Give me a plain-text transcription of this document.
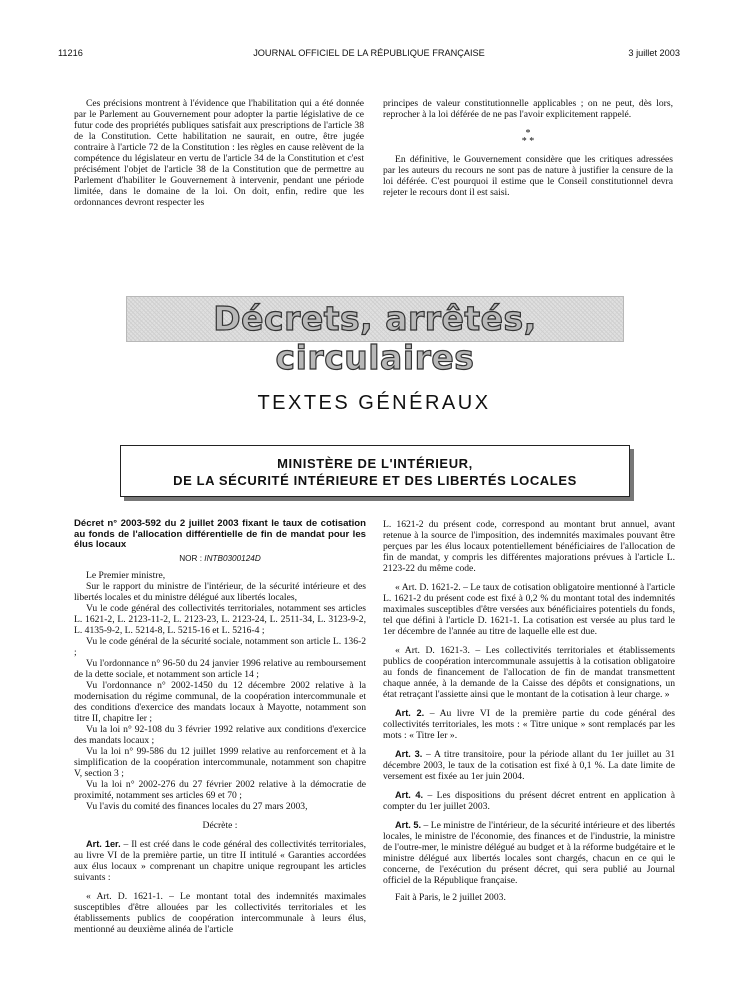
11216	JOURNAL OFFICIEL DE LA RÉPUBLIQUE FRANÇAISE	3 juillet 2003

Ces précisions montrent à l'évidence que l'habilitation qui a été donnée par le Parlement au Gouvernement pour adopter la partie législative de ce futur code des propriétés publiques satisfait aux prescriptions de l'article 38 de la Constitution. Cette habilitation ne saurait, en outre, être jugée contraire à l'article 72 de la Constitution : les règles en cause relèvent de la compétence du législateur en vertu de l'article 34 de la Constitution et c'est précisément l'objet de l'article 38 de la Constitution que de permettre au Parlement d'habiliter le Gouvernement à intervenir, pendant une période limitée, dans le domaine de la loi. On doit, enfin, redire que les ordonnances devront respecter les

principes de valeur constitutionnelle applicables ; on ne peut, dès lors, reprocher à la loi déférée de ne pas l'avoir explicitement rappelé.

*
* *

En définitive, le Gouvernement considère que les critiques adressées par les auteurs du recours ne sont pas de nature à justifier la censure de la loi déférée. C'est pourquoi il estime que le Conseil constitutionnel devra rejeter le recours dont il est saisi.

Décrets, arrêtés, circulaires
TEXTES GÉNÉRAUX
MINISTÈRE DE L'INTÉRIEUR,
DE LA SÉCURITÉ INTÉRIEURE ET DES LIBERTÉS LOCALES
Décret n° 2003-592 du 2 juillet 2003 fixant le taux de cotisation au fonds de l'allocation différentielle de fin de mandat pour les élus locaux
NOR : INTB0300124D

Le Premier ministre,

Sur le rapport du ministre de l'intérieur, de la sécurité intérieure et des libertés locales et du ministre délégué aux libertés locales,

Vu le code général des collectivités territoriales, notamment ses articles L. 1621-2, L. 2123-11-2, L. 2123-23, L. 2123-24, L. 2511-34, L. 3123-9-2, L. 4135-9-2, L. 5214-8, L. 5215-16 et L. 5216-4 ;

Vu le code général de la sécurité sociale, notamment son article L. 136-2 ;

Vu l'ordonnance n° 96-50 du 24 janvier 1996 relative au remboursement de la dette sociale, et notamment son article 14 ;

Vu l'ordonnance n° 2002-1450 du 12 décembre 2002 relative à la modernisation du régime communal, de la coopération intercommunale et des conditions d'exercice des mandats locaux à Mayotte, notamment son titre II, chapitre Ier ;

Vu la loi n° 92-108 du 3 février 1992 relative aux conditions d'exercice des mandats locaux ;

Vu la loi n° 99-586 du 12 juillet 1999 relative au renforcement et à la simplification de la coopération intercommunale, notamment son chapitre V, section 3 ;

Vu la loi n° 2002-276 du 27 février 2002 relative à la démocratie de proximité, notamment ses articles 69 et 70 ;

Vu l'avis du comité des finances locales du 27 mars 2003,

Décrète :

Art. 1er. – Il est créé dans le code général des collectivités territoriales, au livre VI de la première partie, un titre II intitulé « Garanties accordées aux élus locaux » comprenant un chapitre unique regroupant les articles suivants :

« Art. D. 1621-1. – Le montant total des indemnités maximales susceptibles d'être allouées par les collectivités territoriales et les établissements publics de coopération intercommunale à leurs élus, mentionné au deuxième alinéa de l'article

L. 1621-2 du présent code, correspond au montant brut annuel, avant retenue à la source de l'imposition, des indemnités maximales pouvant être perçues par les élus locaux potentiellement bénéficiaires de l'allocation de fin de mandat, y compris les différentes majorations prévues à l'article L. 2123-22 du même code.

« Art. D. 1621-2. – Le taux de cotisation obligatoire mentionné à l'article L. 1621-2 du présent code est fixé à 0,2 % du montant total des indemnités maximales susceptibles d'être versées aux bénéficiaires potentiels du fonds, tel que défini à l'article D. 1621-1. La cotisation est versée au plus tard le 1er décembre de l'année au titre de laquelle elle est due.

« Art. D. 1621-3. – Les collectivités territoriales et établissements publics de coopération intercommunale assujettis à la cotisation obligatoire au fonds de financement de l'allocation de fin de mandat transmettent chaque année, à la demande de la Caisse des dépôts et consignations, un état retraçant l'assiette ainsi que le montant de la cotisation à leur charge. »

Art. 2. – Au livre VI de la première partie du code général des collectivités territoriales, les mots : « Titre unique » sont remplacés par les mots : « Titre Ier ».

Art. 3. – A titre transitoire, pour la période allant du 1er juillet au 31 décembre 2003, le taux de la cotisation est fixé à 0,1 %. La date limite de versement est fixée au 1er juin 2004.

Art. 4. – Les dispositions du présent décret entrent en application à compter du 1er juillet 2003.

Art. 5. – Le ministre de l'intérieur, de la sécurité intérieure et des libertés locales, le ministre de l'économie, des finances et de l'industrie, la ministre de l'outre-mer, le ministre délégué au budget et à la réforme budgétaire et le ministre délégué aux libertés locales sont chargés, chacun en ce qui le concerne, de l'exécution du présent décret, qui sera publié au Journal officiel de la République française.

Fait à Paris, le 2 juillet 2003.
